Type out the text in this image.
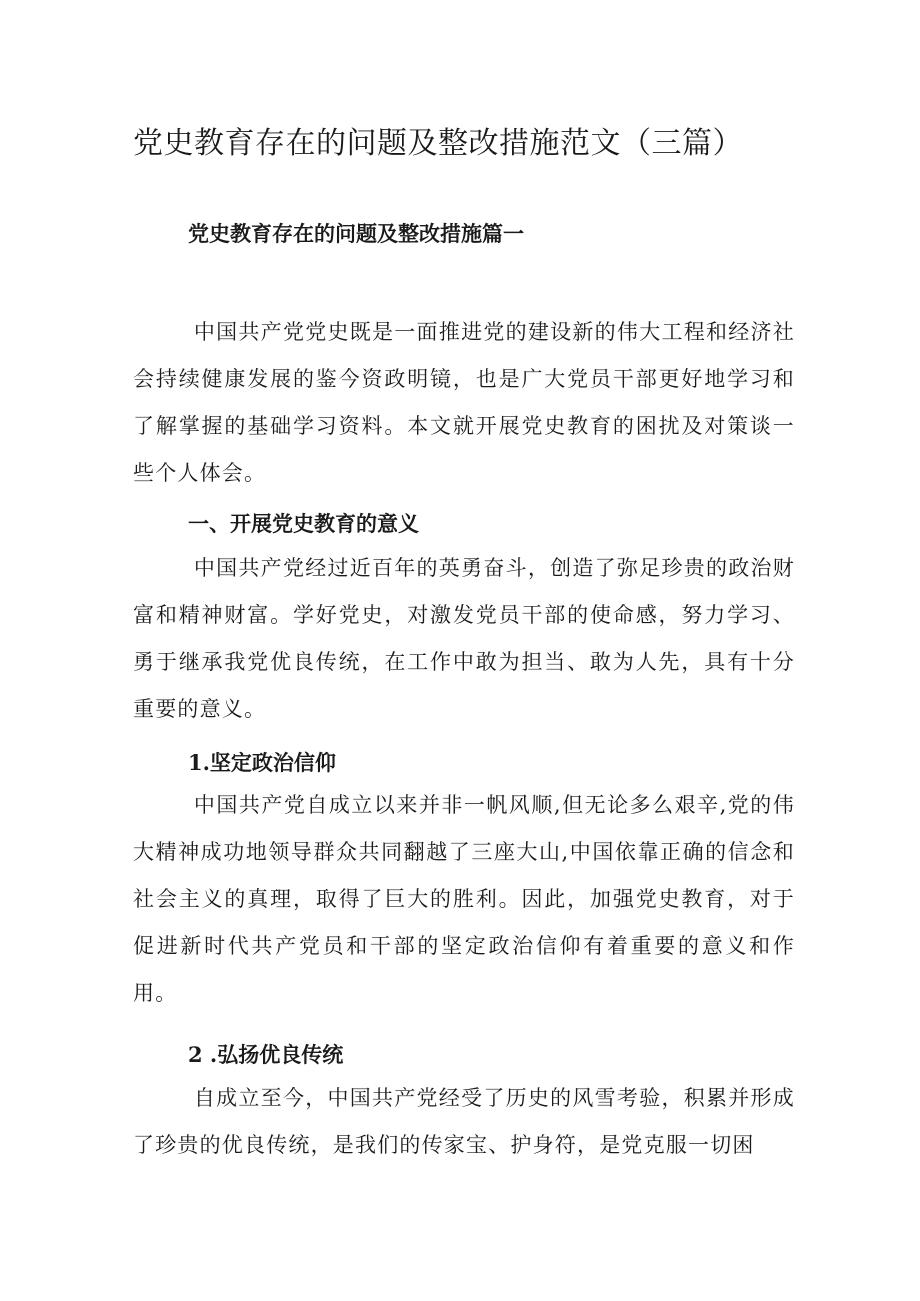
党史教育存在的问题及整改措施范文（三篇）
党史教育存在的问题及整改措施篇一

中国共产党党史既是一面推进党的建设新的伟大工程和经济社会持续健康发展的鉴今资政明镜，也是广大党员干部更好地学习和了解掌握的基础学习资料。本文就开展党史教育的困扰及对策谈一些个人体会。

一、开展党史教育的意义

中国共产党经过近百年的英勇奋斗，创造了弥足珍贵的政治财富和精神财富。学好党史，对激发党员干部的使命感，努力学习、勇于继承我党优良传统，在工作中敢为担当、敢为人先，具有十分重要的意义。

1.坚定政治信仰

中国共产党自成立以来并非一帆风顺,但无论多么艰辛,党的伟大精神成功地领导群众共同翻越了三座大山,中国依靠正确的信念和社会主义的真理，取得了巨大的胜利。因此，加强党史教育，对于促进新时代共产党员和干部的坚定政治信仰有着重要的意义和作用。

2 .弘扬优良传统

自成立至今，中国共产党经受了历史的风雪考验，积累并形成了珍贵的优良传统，是我们的传家宝、护身符，是党克服一切困
